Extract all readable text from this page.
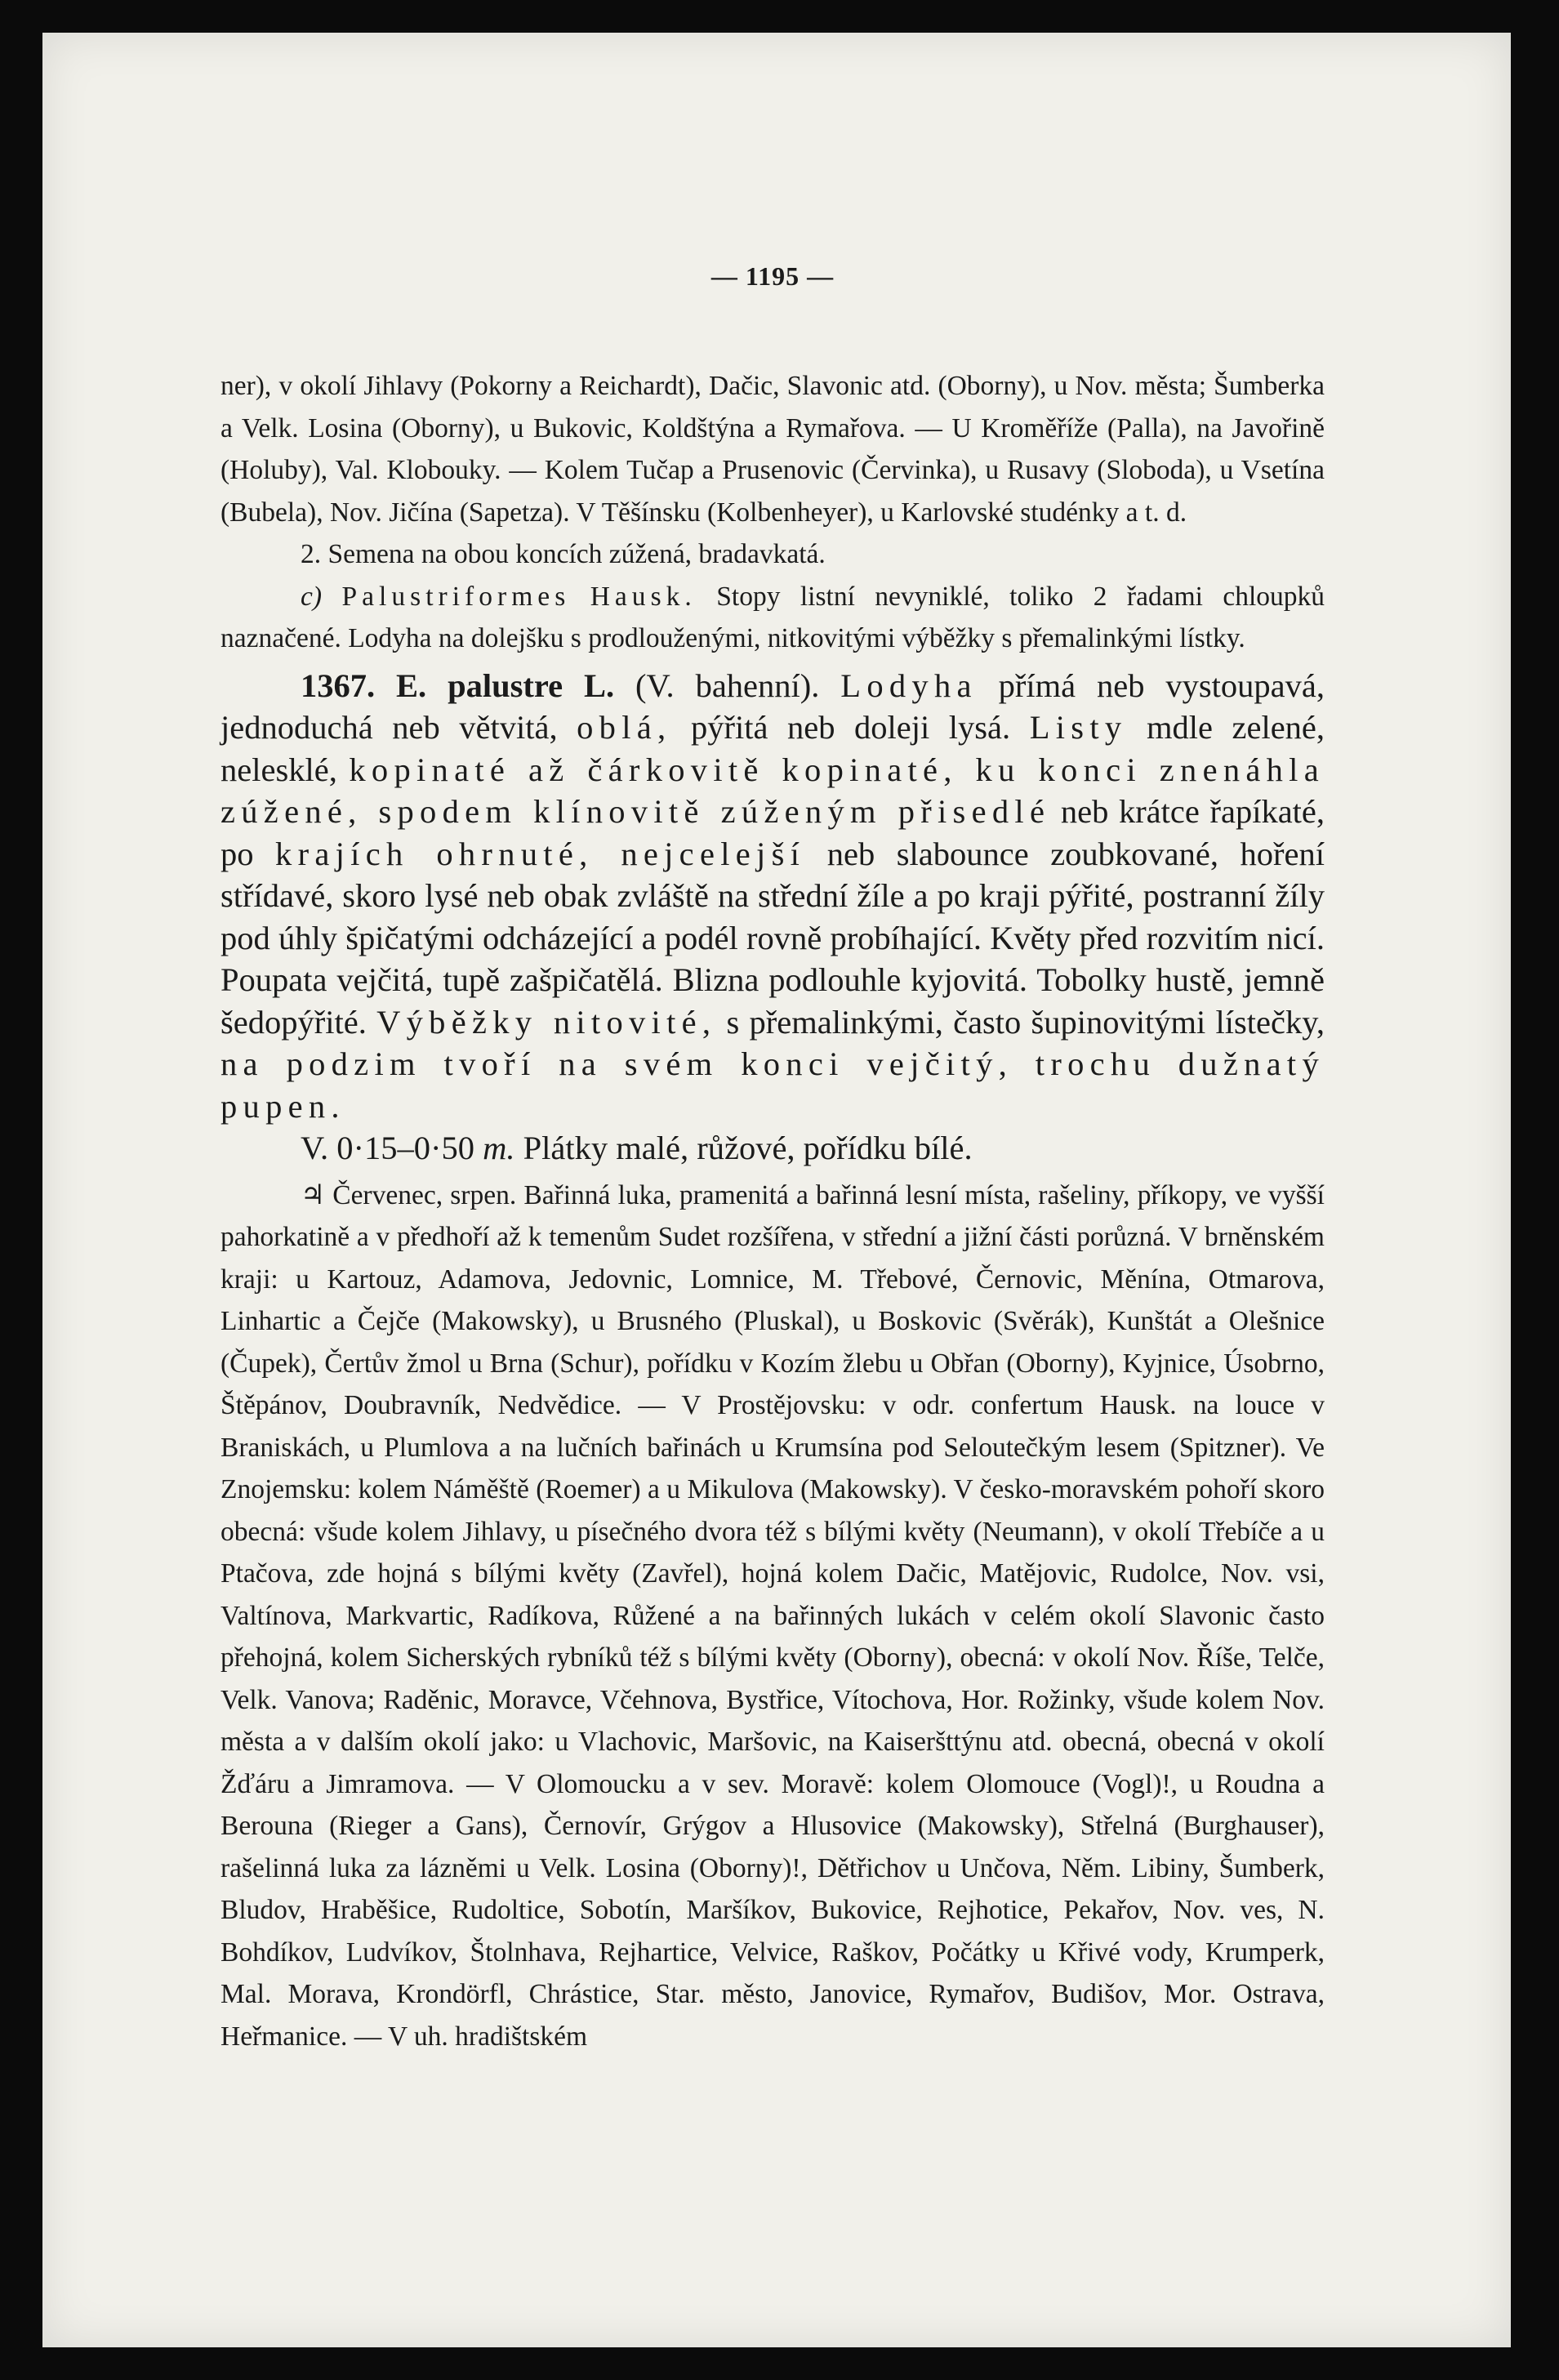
— 1195 —

ner), v okolí Jihlavy (Pokorny a Reichardt), Dačic, Slavonic atd. (Oborny), u Nov. města; Šumberka a Velk. Losina (Oborny), u Bukovic, Koldštýna a Rymařova. — U Kroměříže (Palla), na Javořině (Holuby), Val. Klobouky. — Kolem Tučap a Prusenovic (Červinka), u Rusavy (Sloboda), u Vsetína (Bubela), Nov. Jičína (Sapetza). V Těšínsku (Kolbenheyer), u Karlovské studénky a t. d.

2. Semena na obou koncích zúžená, bradavkatá.

c) Palustriformes Hausk. Stopy listní nevyniklé, toliko 2 řadami chloupků naznačené. Lodyha na dolejšku s prodlouženými, nitkovitými výběžky s přemalinkými lístky.

1367. E. palustre L. (V. bahenní). Lodyha přímá neb vystoupavá, jednoduchá neb větvitá, oblá, pýřitá neb doleji lysá. Listy mdle zelené, nelesklé, kopinaté až čárkovitě kopinaté, ku konci znenáhla zúžené, spodem klínovitě zúženým přisedlé neb krátce řapíkaté, po krajích ohrnuté, nejcelejší neb slabounce zoubkované, hoření střídavé, skoro lysé neb obak zvláště na střední žíle a po kraji pýřité, postranní žíly pod úhly špičatými odcházející a podél rovně probíhající. Květy před rozvitím nicí. Poupata vejčitá, tupě zašpičatělá. Blizna podlouhle kyjovitá. Tobolky hustě, jemně šedopýřité. Výběžky nitovité, s přemalinkými, často šupinovitými lístečky, na podzim tvoří na svém konci vejčitý, trochu dužnatý pupen.

V. 0·15–0·50 m. Plátky malé, růžové, pořídku bílé.

♃ Červenec, srpen. Bařinná luka, pramenitá a bařinná lesní místa, rašeliny, příkopy, ve vyšší pahorkatině a v předhoří až k temenům Sudet rozšířena, v střední a jižní části porůzná. V brněnském kraji: u Kartouz, Adamova, Jedovnic, Lomnice, M. Třebové, Černovic, Měnína, Otmarova, Linhartic a Čejče (Makowsky), u Brusného (Pluskal), u Boskovic (Svěrák), Kunštát a Olešnice (Čupek), Čertův žmol u Brna (Schur), pořídku v Kozím žlebu u Obřan (Oborny), Kyjnice, Úsobrno, Štěpánov, Doubravník, Nedvědice. — V Prostějovsku: v odr. confertum Hausk. na louce v Braniskách, u Plumlova a na lučních bařinách u Krumsína pod Seloutečkým lesem (Spitzner). Ve Znojemsku: kolem Náměště (Roemer) a u Mikulova (Makowsky). V česko-moravském pohoří skoro obecná: všude kolem Jihlavy, u písečného dvora též s bílými květy (Neumann), v okolí Třebíče a u Ptačova, zde hojná s bílými květy (Zavřel), hojná kolem Dačic, Matějovic, Rudolce, Nov. vsi, Valtínova, Markvartic, Radíkova, Růžené a na bařinných lukách v celém okolí Slavonic často přehojná, kolem Sicherských rybníků též s bílými květy (Oborny), obecná: v okolí Nov. Říše, Telče, Velk. Vanova; Raděnic, Moravce, Včehnova, Bystřice, Vítochova, Hor. Rožinky, všude kolem Nov. města a v dalším okolí jako: u Vlachovic, Maršovic, na Kaiseršttýnu atd. obecná, obecná v okolí Žďáru a Jimramova. — V Olomoucku a v sev. Moravě: kolem Olomouce (Vogl)!, u Roudna a Berouna (Rieger a Gans), Černovír, Grýgov a Hlusovice (Makowsky), Střelná (Burghauser), rašelinná luka za lázněmi u Velk. Losina (Oborny)!, Dětřichov u Unčova, Něm. Libiny, Šumberk, Bludov, Hraběšice, Rudoltice, Sobotín, Maršíkov, Bukovice, Rejhotice, Pekařov, Nov. ves, N. Bohdíkov, Ludvíkov, Štolnhava, Rejhartice, Velvice, Raškov, Počátky u Křivé vody, Krumperk, Mal. Morava, Krondörfl, Chrástice, Star. město, Janovice, Rymařov, Budišov, Mor. Ostrava, Heřmanice. — V uh. hradištském
